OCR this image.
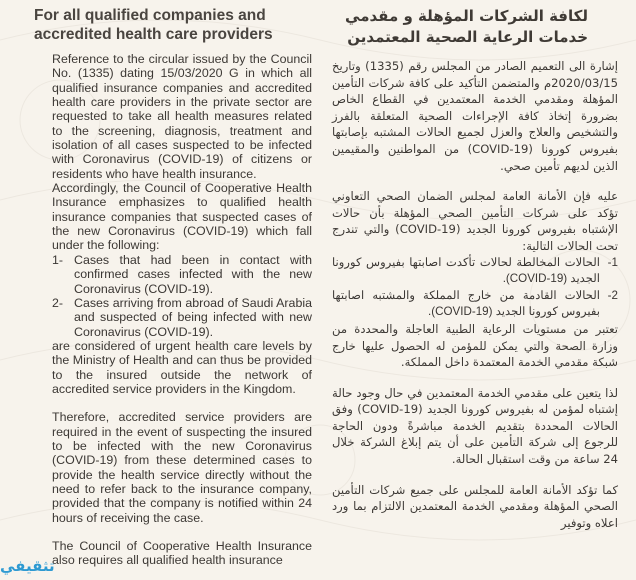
For all qualified companies and accredited health care providers

Reference to the circular issued by the Council No. (1335) dating 15/03/2020 G in which all qualified insurance companies and accredited health care providers in the private sector are requested to take all health measures related to the screening, diagnosis, treatment and isolation of all cases suspected to be infected with Coronavirus (COVID-19) of citizens or residents who have health insurance.

Accordingly, the Council of Cooperative Health Insurance emphasizes to qualified health insurance companies that suspected cases of the new Coronavirus (COVID-19) which fall under the following:

1- Cases that had been in contact with confirmed cases infected with the new Coronavirus (COVID-19).
2- Cases arriving from abroad of Saudi Arabia and suspected of being infected with new Coronavirus (COVID-19).

are considered of urgent health care levels by the Ministry of Health and can thus be provided to the insured outside the network of accredited service providers in the Kingdom.

Therefore, accredited service providers are required in the event of suspecting the insured to be infected with the new Coronavirus (COVID-19) from these determined cases to provide the health service directly without the need to refer back to the insurance company, provided that the company is notified within 24 hours of receiving the case.

The Council of Cooperative Health Insurance also requires all qualified health insurance

لكافة الشركات المؤهلة و مقدمي خدمات الرعاية الصحية المعتمدين

إشارة الى التعميم الصادر من المجلس رقم (1335) وتاريخ 2020/03/15م والمتضمن التأكيد على كافة شركات التأمين المؤهلة ومقدمي الخدمة المعتمدين في القطاع الخاص بضرورة إتخاذ كافة الإجراءات الصحية المتعلقة بالفرز والتشخيص والعلاج والعزل لجميع الحالات المشتبه بإصابتها بفيروس كورونا (COVID-19) من المواطنين والمقيمين الذين لديهم تأمين صحي.

عليه فإن الأمانة العامة لمجلس الضمان الصحي التعاوني تؤكد على شركات التأمين الصحي المؤهلة بأن حالات الإشتباه بفيروس كورونا الجديد (COVID-19) والتي تندرج تحت الحالات التالية:

1-
الحالات المخالطة لحالات تأكدت اصابتها بفيروس كورونا الجديد (COVID-19).
2-
الحالات القادمة من خارج المملكة والمشتبه اصابتها بفيروس كورونا الجديد (COVID-19).

تعتبر من مستويات الرعاية الطبية العاجلة والمحددة من وزارة الصحة والتي يمكن للمؤمن له الحصول عليها خارج شبكة مقدمي الخدمة المعتمدة داخل المملكة.

لذا يتعين على مقدمي الخدمة المعتمدين في حال وجود حالة إشتباه لمؤمن له بفيروس كورونا الجديد (COVID-19) وفق الحالات المحددة بتقديم الخدمة مباشرةً ودون الحاجة للرجوع إلى شركة التأمين على أن يتم إبلاغ الشركة خلال 24 ساعة من وقت استقبال الحالة.

كما تؤكد الأمانة العامة للمجلس على جميع شركات التأمين الصحي المؤهلة ومقدمي الخدمة المعتمدين الالتزام بما ورد اعلاه وتوفير

تثقيفي
